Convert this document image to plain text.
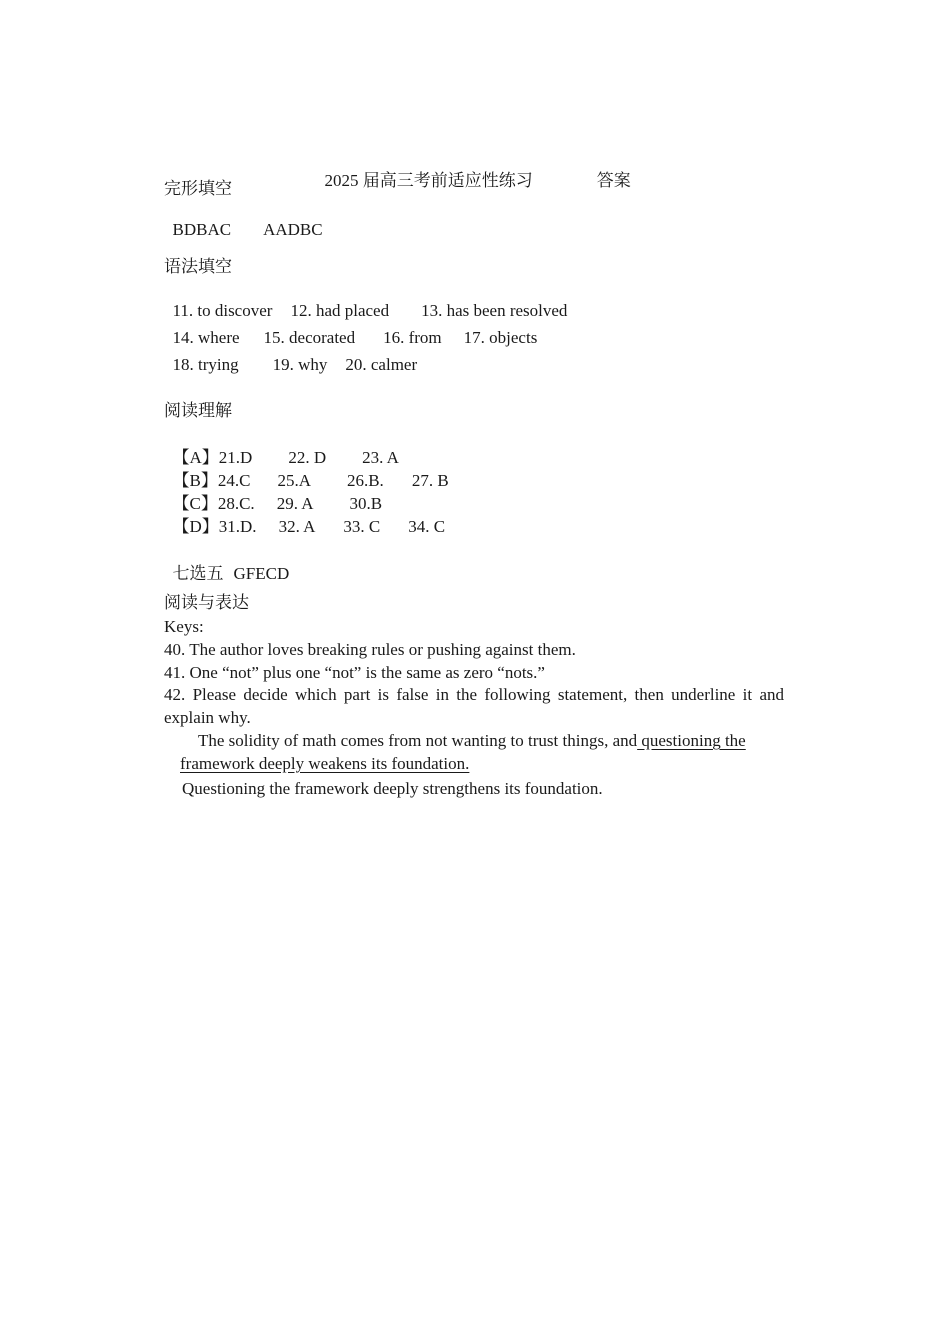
2025 届高三考前适应性练习	答案

完形填空

BDBAC AADBC

语法填空

11. to discover 12. had placed 13. has been resolved

14. where 15. decorated 16. from 17. objects

18. trying 19. why 20. calmer

阅读理解

【A】21.D 22. D 23. A

【B】24.C 25.A 26.B. 27. B

【C】28.C. 29. A 30.B

【D】31.D. 32. A 33. C 34. C

七选五 GFECD

阅读与表达
Keys:
40. The author loves breaking rules or pushing against them.
41. One “not” plus one “not” is the same as zero “nots.”
42. Please decide which part is false in the following statement, then underline it and explain why.
The solidity of math comes from not wanting to trust things, and questioning the framework deeply weakens its foundation.
Questioning the framework deeply strengthens its foundation.
